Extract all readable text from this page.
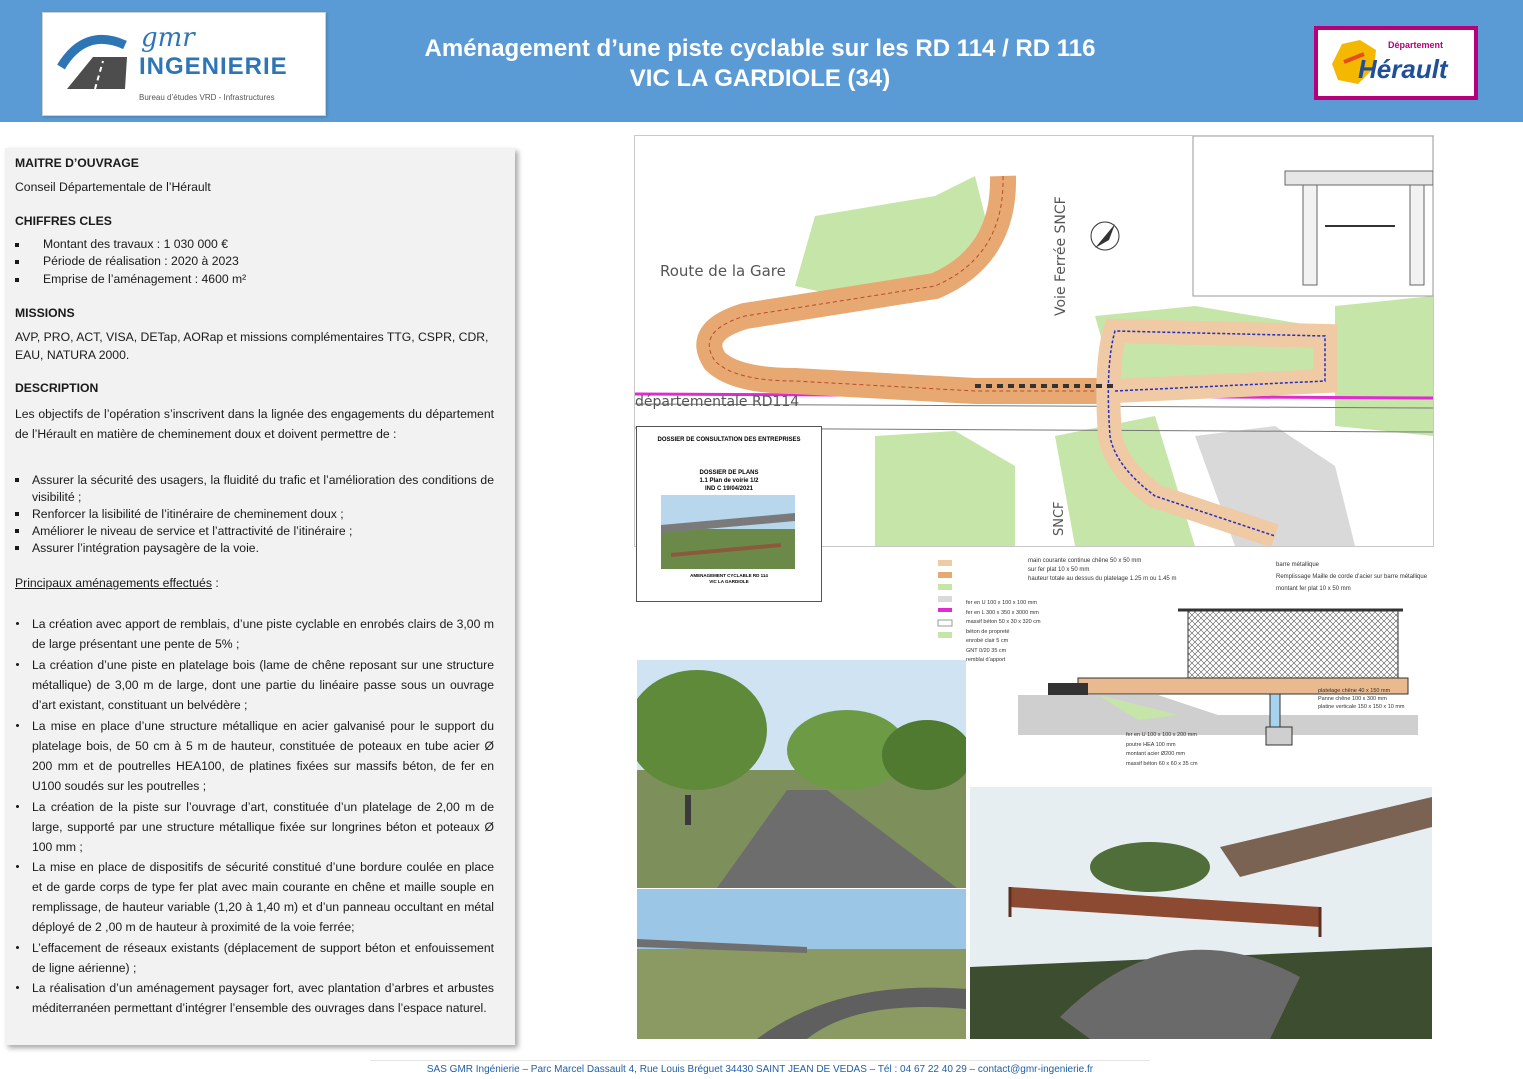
gmr
INGENIERIE
Bureau d’études VRD - Infrastructures
Aménagement d’une piste cyclable sur les RD 114 / RD 116
VIC LA GARDIOLE (34)
Département
Hérault
MAITRE D’OUVRAGE
Conseil Départementale de l’Hérault
CHIFFRES CLES
Montant des travaux : 1 030 000 €
Période de réalisation : 2020 à 2023
Emprise de l’aménagement : 4600 m²
MISSIONS
AVP, PRO, ACT, VISA, DETap, AORap et missions complémentaires TTG, CSPR, CDR, EAU, NATURA 2000.
DESCRIPTION
Les objectifs de l’opération s’inscrivent dans la lignée des engagements du département de l’Hérault en matière de cheminement doux et doivent permettre de :
Assurer la sécurité des usagers, la fluidité du trafic et l’amélioration des conditions de visibilité ;
Renforcer la lisibilité de l’itinéraire de cheminement doux ;
Améliorer le niveau de service et l’attractivité de l’itinéraire ;
Assurer l’intégration paysagère de la voie.
Principaux aménagements effectués :
La création avec apport de remblais, d’une piste cyclable en enrobés clairs de 3,00 m de large présentant une pente de 5% ;
La création d’une piste en platelage bois (lame de chêne reposant sur une structure métallique) de 3,00 m de large, dont une partie du linéaire passe sous un ouvrage d’art existant, constituant un belvédère ;
La mise en place d’une structure métallique en acier galvanisé pour le support du platelage bois, de 50 cm à 5 m de hauteur, constituée de poteaux en tube acier Ø 200 mm et de poutrelles HEA100, de platines fixées sur massifs béton, de fer en U100 soudés sur les poutrelles ;
La création de la piste sur l’ouvrage d’art, constituée d’un platelage de 2,00 m de large, supporté par une structure métallique fixée sur longrines béton et poteaux Ø 100 mm ;
La mise en place de dispositifs de sécurité constitué d’une bordure coulée en place et de garde corps de type fer plat avec main courante en chêne et maille souple en remplissage, de hauteur variable (1,20 à 1,40 m) et d’un panneau occultant en métal déployé de 2 ,00 m de hauteur à proximité de la voie ferrée;
L’effacement de réseaux existants (déplacement de support béton et enfouissement de ligne aérienne) ;
La réalisation d’un aménagement paysager fort, avec plantation d’arbres et arbustes méditerranéen permettant d’intégrer l’ensemble des ouvrages dans l’espace naturel.
Route de la Gare
départementale RD114
Voie Ferrée SNCF
SNCF
DOSSIER DE CONSULTATION DES ENTREPRISES
DOSSIER DE PLANS
1.1 Plan de voirie 1/2
IND C 19/04/2021
AMENAGEMENT CYCLABLE RD 114
VIC LA GARDIOLE
main courante continue chêne 50 x 50 mm
sur fer plat 10 x 50 mm
hauteur totale au dessus du platelage 1.25 m ou 1.45 m
barre métallique
Remplissage Maille de corde d’acier sur barre métallique
montant fer plat 10 x 50 mm
fer en U 100 x 100 x 100 mm
fer en L 300 x 350 x 3000 mm
massif béton 50 x 30 x 320 cm
béton de propreté
enrobé clair 5 cm
GNT 0/20 35 cm
remblai d’apport
platelage chêne 40 x 150 mm
Panne chêne 100 x 300 mm
platine verticale 150 x 150 x 10 mm
fer en U 100 x 100 x 200 mm
poutre HEA 100 mm
montant acier Ø200 mm
massif béton 60 x 60 x 35 cm
SAS GMR Ingénierie – Parc Marcel Dassault 4, Rue Louis Bréguet 34430 SAINT JEAN DE VEDAS – Tél : 04 67 22 40 29 – contact@gmr-ingenierie.fr
